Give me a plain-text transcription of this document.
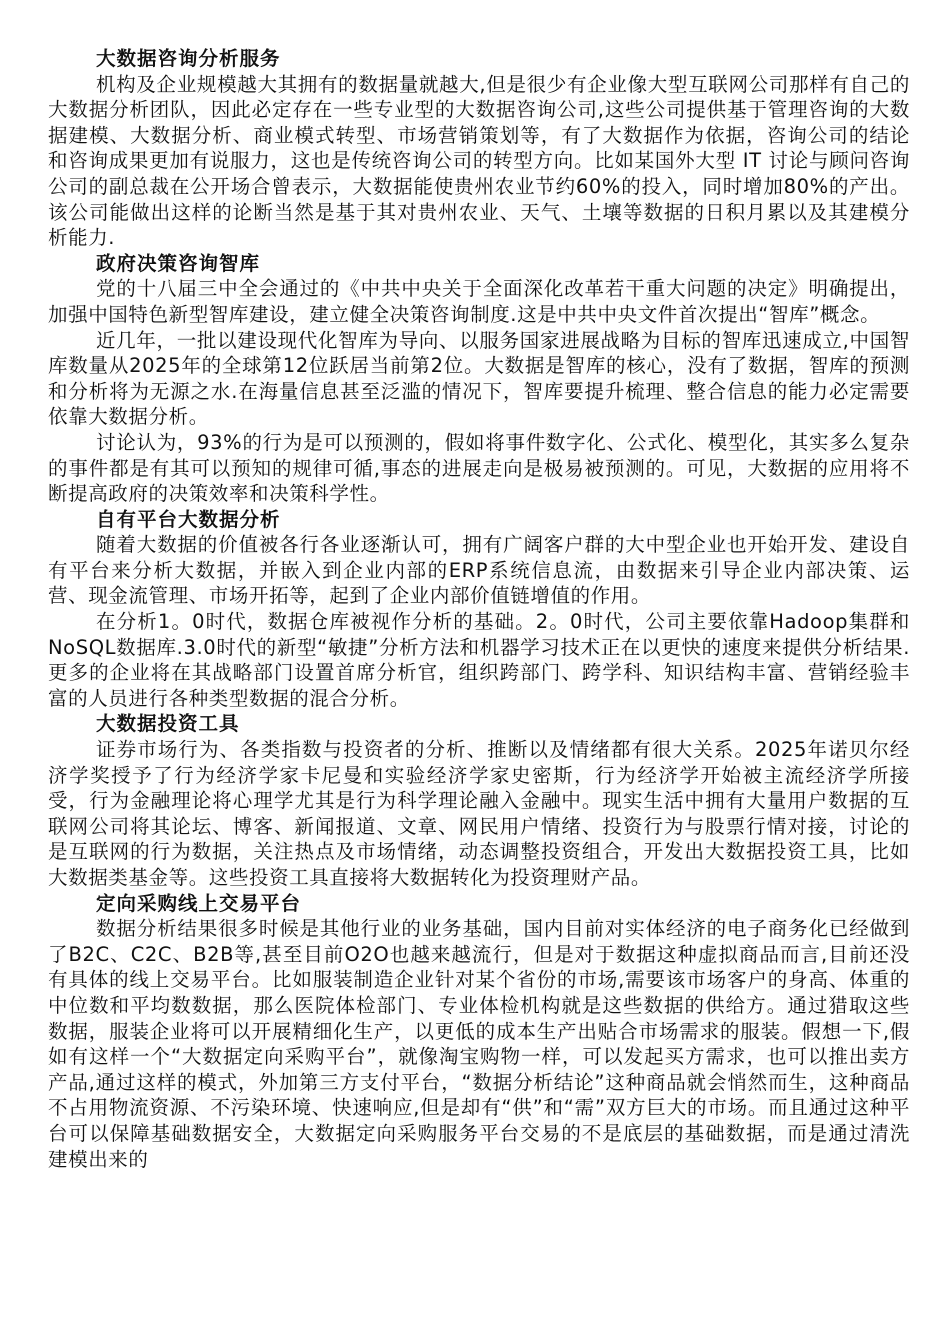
大数据咨询分析服务

机构及企业规模越大其拥有的数据量就越大,但是很少有企业像大型互联网公司那样有自己的大数据分析团队，因此必定存在一些专业型的大数据咨询公司,这些公司提供基于管理咨询的大数据建模、大数据分析、商业模式转型、市场营销策划等，有了大数据作为依据，咨询公司的结论和咨询成果更加有说服力，这也是传统咨询公司的转型方向。比如某国外大型 IT 讨论与顾问咨询公司的副总裁在公开场合曾表示，大数据能使贵州农业节约60%的投入，同时增加80%的产出。该公司能做出这样的论断当然是基于其对贵州农业、天气、土壤等数据的日积月累以及其建模分析能力.

政府决策咨询智库

党的十八届三中全会通过的《中共中央关于全面深化改革若干重大问题的决定》明确提出，加强中国特色新型智库建设，建立健全决策咨询制度.这是中共中央文件首次提出“智库”概念。

近几年，一批以建设现代化智库为导向、以服务国家进展战略为目标的智库迅速成立,中国智库数量从2025年的全球第12位跃居当前第2位。大数据是智库的核心，没有了数据，智库的预测和分析将为无源之水.在海量信息甚至泛滥的情况下，智库要提升梳理、整合信息的能力必定需要依靠大数据分析。

讨论认为，93%的行为是可以预测的，假如将事件数字化、公式化、模型化，其实多么复杂的事件都是有其可以预知的规律可循,事态的进展走向是极易被预测的。可见，大数据的应用将不断提高政府的决策效率和决策科学性。

自有平台大数据分析

随着大数据的价值被各行各业逐渐认可，拥有广阔客户群的大中型企业也开始开发、建设自有平台来分析大数据，并嵌入到企业内部的ERP系统信息流，由数据来引导企业内部决策、运营、现金流管理、市场开拓等，起到了企业内部价值链增值的作用。

在分析1。0时代，数据仓库被视作分析的基础。2。0时代，公司主要依靠Hadoop集群和NoSQL数据库.3.0时代的新型“敏捷”分析方法和机器学习技术正在以更快的速度来提供分析结果.更多的企业将在其战略部门设置首席分析官，组织跨部门、跨学科、知识结构丰富、营销经验丰富的人员进行各种类型数据的混合分析。

大数据投资工具

证券市场行为、各类指数与投资者的分析、推断以及情绪都有很大关系。2025年诺贝尔经济学奖授予了行为经济学家卡尼曼和实验经济学家史密斯，行为经济学开始被主流经济学所接受，行为金融理论将心理学尤其是行为科学理论融入金融中。现实生活中拥有大量用户数据的互联网公司将其论坛、博客、新闻报道、文章、网民用户情绪、投资行为与股票行情对接，讨论的是互联网的行为数据，关注热点及市场情绪，动态调整投资组合，开发出大数据投资工具，比如大数据类基金等。这些投资工具直接将大数据转化为投资理财产品。

定向采购线上交易平台

数据分析结果很多时候是其他行业的业务基础，国内目前对实体经济的电子商务化已经做到了B2C、C2C、B2B等,甚至目前O2O也越来越流行，但是对于数据这种虚拟商品而言,目前还没有具体的线上交易平台。比如服装制造企业针对某个省份的市场,需要该市场客户的身高、体重的中位数和平均数数据，那么医院体检部门、专业体检机构就是这些数据的供给方。通过猎取这些数据，服装企业将可以开展精细化生产，以更低的成本生产出贴合市场需求的服装。假想一下,假如有这样一个“大数据定向采购平台”，就像淘宝购物一样，可以发起买方需求，也可以推出卖方产品,通过这样的模式，外加第三方支付平台，“数据分析结论”这种商品就会悄然而生，这种商品不占用物流资源、不污染环境、快速响应,但是却有“供”和“需”双方巨大的市场。而且通过这种平台可以保障基础数据安全，大数据定向采购服务平台交易的不是底层的基础数据，而是通过清洗建模出来的
